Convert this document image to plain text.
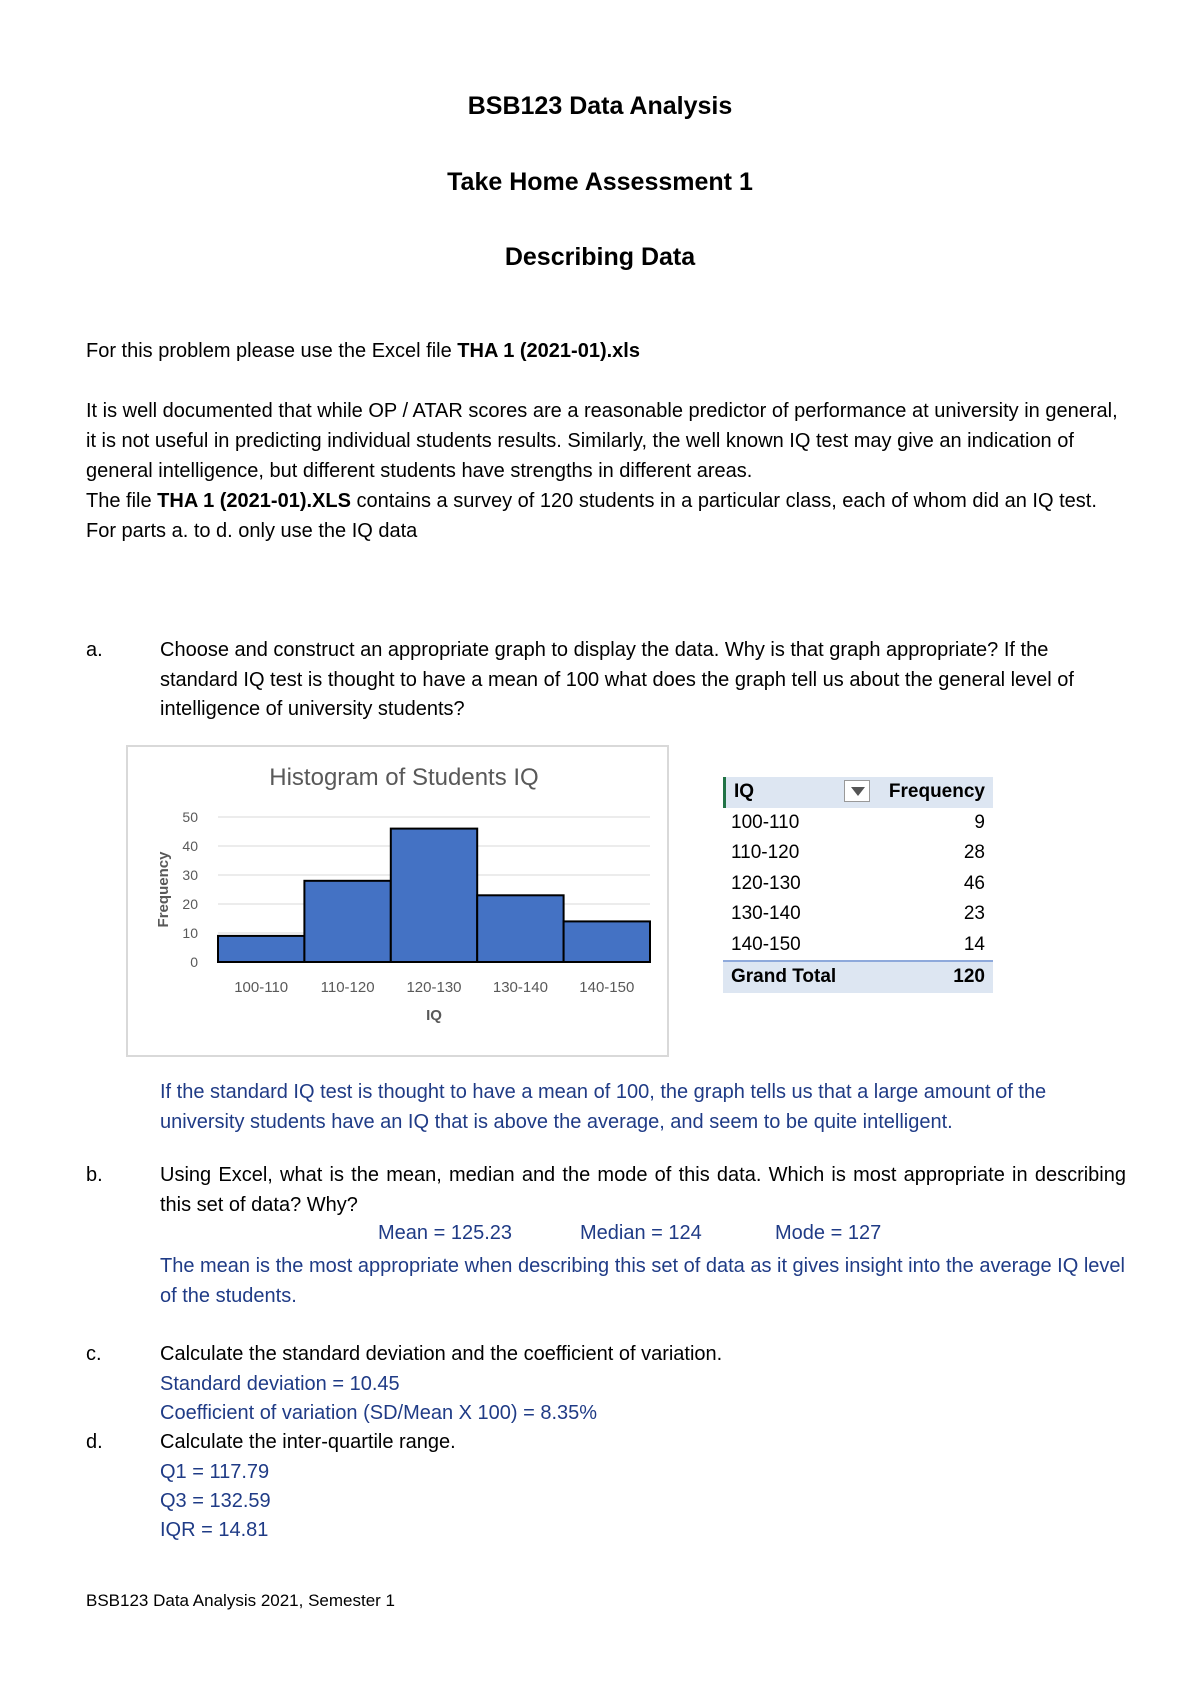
BSB123 Data Analysis
Take Home Assessment 1
Describing Data
For this problem please use the Excel file THA 1 (2021-01).xls
It is well documented that while OP / ATAR scores are a reasonable predictor of performance at university in general, it is not useful in predicting individual students results. Similarly, the well known IQ test may give an indication of general intelligence, but different students have strengths in different areas.
The file THA 1 (2021-01).XLS contains a survey of 120 students in a particular class, each of whom did an IQ test.
For parts a. to d. only use the IQ data
a.	Choose and construct an appropriate graph to display the data. Why is that graph appropriate? If the standard IQ test is thought to have a mean of 100 what does the graph tell us about the general level of intelligence of university students?
Histogram of Students IQ
0
10
20
30
40
50
100-110 110-120 120-130 130-140 140-150
IQ
Frequency
IQ	Frequency
100-110	9
110-120	28
120-130	46
130-140	23
140-150	14
Grand Total	120
If the standard IQ test is thought to have a mean of 100, the graph tells us that a large amount of the university students have an IQ that is above the average, and seem to be quite intelligent.
b.	Using Excel, what is the mean, median and the mode of this data. Which is most appropriate in describing this set of data? Why?
Mean = 125.23	Median = 124	Mode = 127
The mean is the most appropriate when describing this set of data as it gives insight into the average IQ level of the students.
c.	Calculate the standard deviation and the coefficient of variation.
Standard deviation = 10.45
Coefficient of variation (SD/Mean X 100) = 8.35%
d.	Calculate the inter-quartile range.
Q1 = 117.79
Q3 = 132.59
IQR = 14.81
BSB123 Data Analysis 2021, Semester 1
